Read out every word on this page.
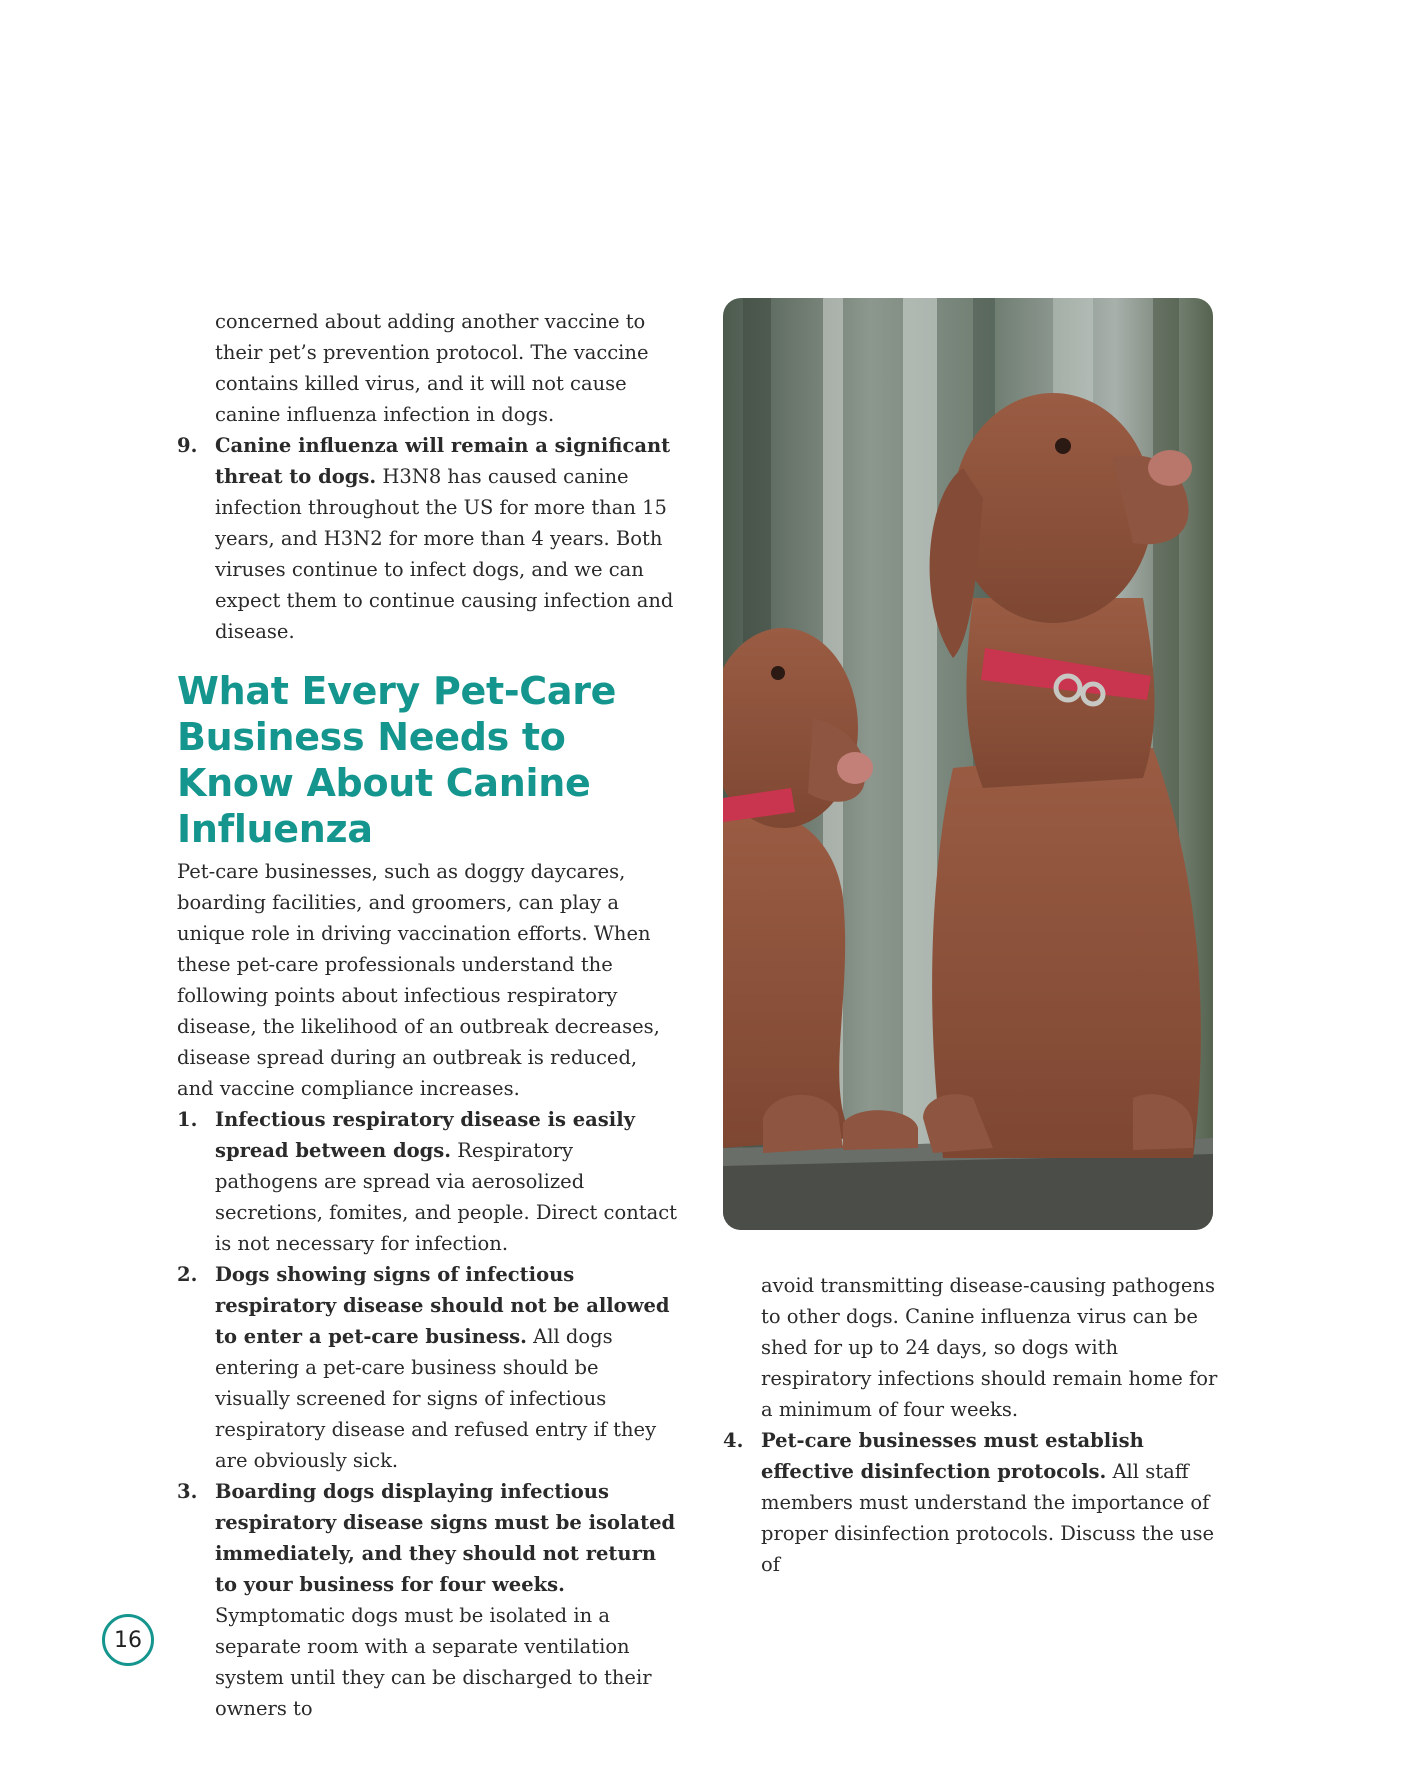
concerned about adding another vaccine to their pet’s prevention protocol. The vaccine contains killed virus, and it will not cause canine influenza infection in dogs.
9. Canine influenza will remain a significant threat to dogs. H3N8 has caused canine infection throughout the US for more than 15 years, and H3N2 for more than 4 years. Both viruses continue to infect dogs, and we can expect them to continue causing infection and disease.
What Every Pet-Care Business Needs to Know About Canine Influenza
Pet-care businesses, such as doggy daycares, boarding facilities, and groomers, can play a unique role in driving vaccination efforts. When these pet-care professionals understand the following points about infectious respiratory disease, the likelihood of an outbreak decreases, disease spread during an outbreak is reduced, and vaccine compliance increases.
1. Infectious respiratory disease is easily spread between dogs. Respiratory pathogens are spread via aerosolized secretions, fomites, and people. Direct contact is not necessary for infection.
2. Dogs showing signs of infectious respiratory disease should not be allowed to enter a pet-care business. All dogs entering a pet-care business should be visually screened for signs of infectious respiratory disease and refused entry if they are obviously sick.
3. Boarding dogs displaying infectious respiratory disease signs must be isolated immediately, and they should not return to your business for four weeks. Symptomatic dogs must be isolated in a separate room with a separate ventilation system until they can be discharged to their owners to
avoid transmitting disease-causing pathogens to other dogs. Canine influenza virus can be shed for up to 24 days, so dogs with respiratory infections should remain home for a minimum of four weeks.
4. Pet-care businesses must establish effective disinfection protocols. All staff members must understand the importance of proper disinfection protocols. Discuss the use of
16
